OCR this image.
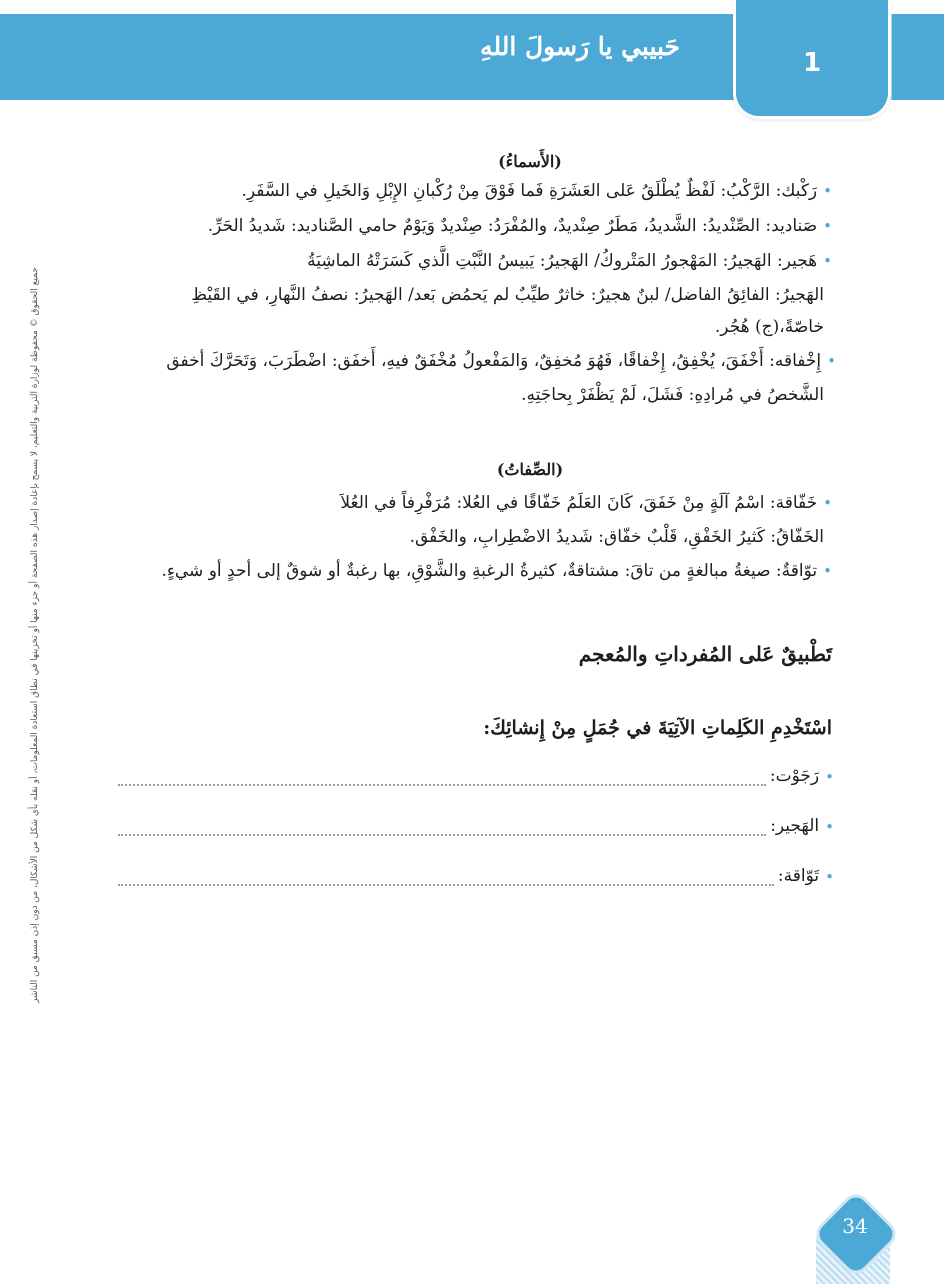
1
حَبيبي يا رَسولَ اللهِ
جميع الحقوق © محفوظة لوزارة التربية والتعليم، لا يسمح بإعادة إصدار هذه الصفحة أو جزء منها أو تخزينها في نطاق استعادة المعلومات، أو نقله بأي شكل من الأشكال، من دون إذن مسبق من الناشر
(الأَسماءُ)
•رَكْبك: الرَّكْبُ: لَفْظٌ يُطْلَقُ عَلى العَشَرَةِ فَما فَوْقَ مِنْ رُكْبانِ الإِبْلِ وَالخَيلِ في السَّفَرِ.
•صَناديد: الصِّنْديدُ: الشَّديدُ، مَطَرٌ صِنْديدٌ، والمُفْرَدُ: صِنْديدٌ وَيَوْمٌ حامي الصَّناديد: شَديدُ الحَرِّ.
•هَجير: الهَجيرُ: المَهْجورُ المَتْروكُ/ الهَجيرُ: يَبيسُ النَّبْتِ الَّذي كَسَرَتْهُ الماشِيَةُ
الهَجيرُ: الفائِقُ الفاضل/ لبنٌ هجيرٌ: خاثرٌ طيِّبٌ لم يَحمُض بَعد/ الهَجيرُ: نصفُ النَّهارِ، في القَيْظِ
خاصّةً،(ج) هُجُر.
•إِخْفاقه: أَخْفَقَ، يُخْفِقُ، إِخْفاقًا، فَهُوَ مُخفِقٌ، وَالمَفْعولُ مُخْفَقٌ فيهِ، أَخفَق: اضْطَرَبَ، وَتَحَرَّكَ أخفق
الشَّخصُ في مُرادِهِ: فَشَلَ، لَمْ يَظْفَرْ بِحاجَتِهِ.
(الصِّفاتُ)
•خَفّاقة: اسْمُ آلَةٍ مِنْ خَفَقَ، كَانَ العَلَمُ خَفّاقًا في العُلا: مُرَفْرِفاً في العُلاَ
الخَفّاقُ: كَثيرُ الخَفْقِ، قَلْبٌ خفّاق: شَديدُ الاضْطِرابِ، والخَفْق.
•توّاقةٌ: صيغةُ مبالغةٍ من تاقَ: مشتاقةٌ، كثيرةُ الرغبةِ والشَّوْقِ، بها رغبةٌ أو شوقٌ إلى أحدٍ أو شيءٍ.
تَطْبيقٌ عَلى المُفرداتِ والمُعجم
اسْتَخْدِمِ الكَلِماتِ الآتِيَةَ في جُمَلٍ مِنْ إِنشائِكَ:
•
رَجَوْت:
•
الهَجير:
•
تَوّاقة:
34
